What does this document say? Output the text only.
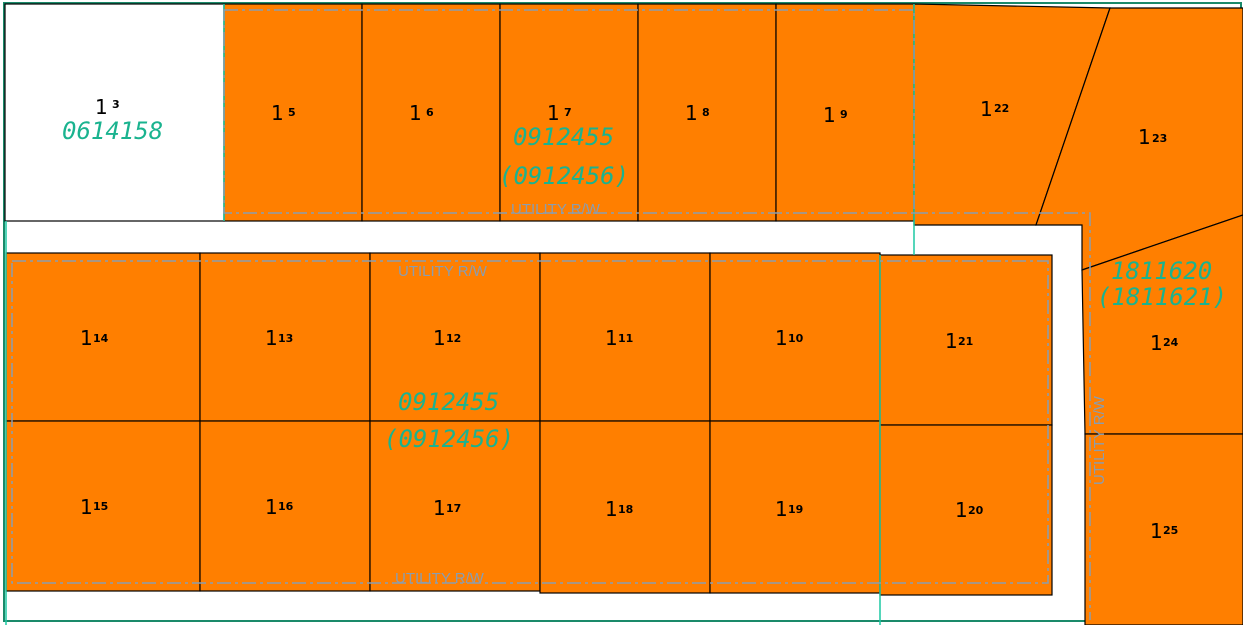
1 3	1 5	1 6	1 7	1 8	1 9	1 22
1 23
1 14	1 13	1 12	1 11	1 10	1 21	1 24
1 15	1 16	1 17	1 18	1 19	1 20
1 25
UTILITY R/W
UTILITY R/W
UTILITY R/W
UTILITY R/W
0614158	0912455
(0912456)
0912455
(0912456)
1811620
(1811621)
